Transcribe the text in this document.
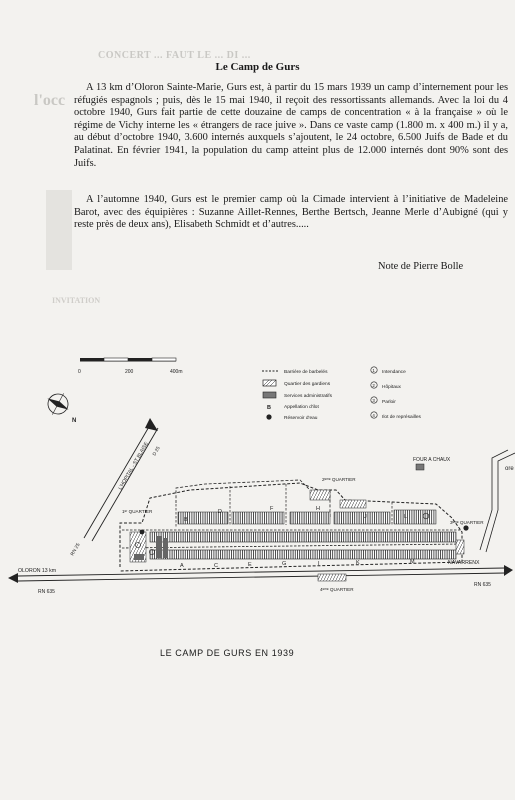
CONCERT ... FAUT LE ... DI ...
l'occ
INVITATION
Le Camp de Gurs
A 13 km d’Oloron Sainte-Marie, Gurs est, à partir du 15 mars 1939 un camp d’internement pour les réfugiés espagnols ; puis, dès le 15 mai 1940, il reçoit des ressortissants allemands. Avec la loi du 4 octobre 1940, Gurs fait partie de cette douzaine de camps de concentration « à la française » où le régime de Vichy interne les « étrangers de race juive ». Dans ce vaste camp (1.800 m. x 400 m.) il y a, au début d’octobre 1940, 3.600 internés auxquels s’ajoutent, le 24 octobre, 6.500 Juifs de Bade et du Palatinat. En février 1941, la population du camp atteint plus de 12.000 internés dont 90% sont des Juifs.
A l’automne 1940, Gurs est le premier camp où la Cimade intervient à l’initiative de Madeleine Barot, avec des équipières : Suzanne Aillet-Rennes, Berthe Bertsch, Jeanne Merle d’Aubigné (qui y reste près de deux ans), Elisabeth Schmidt et d’autres.....
Note de Pierre Bolle
0	200	400m
N
Barrière de barbelés
Quartier des gardiens
Services administratifs
B	Appellation d'ilot
Réservoir d'eau
1 Intendance
2 Hôpitaux
3 Parloir
4 Ilot de représailles
L'HOPITAL - ST BLAISE D 25
RN 25
OLORON 13 km
RN 635
NAVARRENX
RN 635
FOUR A CHAUX
ore
1ᵉʳ QUARTIER
2ᵉᵐᵉ QUARTIER
3ᵉᵐᵉ QUARTIER
4ᵉᵐᵉ QUARTIER
B
D	F	H
J	L
A	C	E	G	I	K	M
LE CAMP DE GURS EN 1939
